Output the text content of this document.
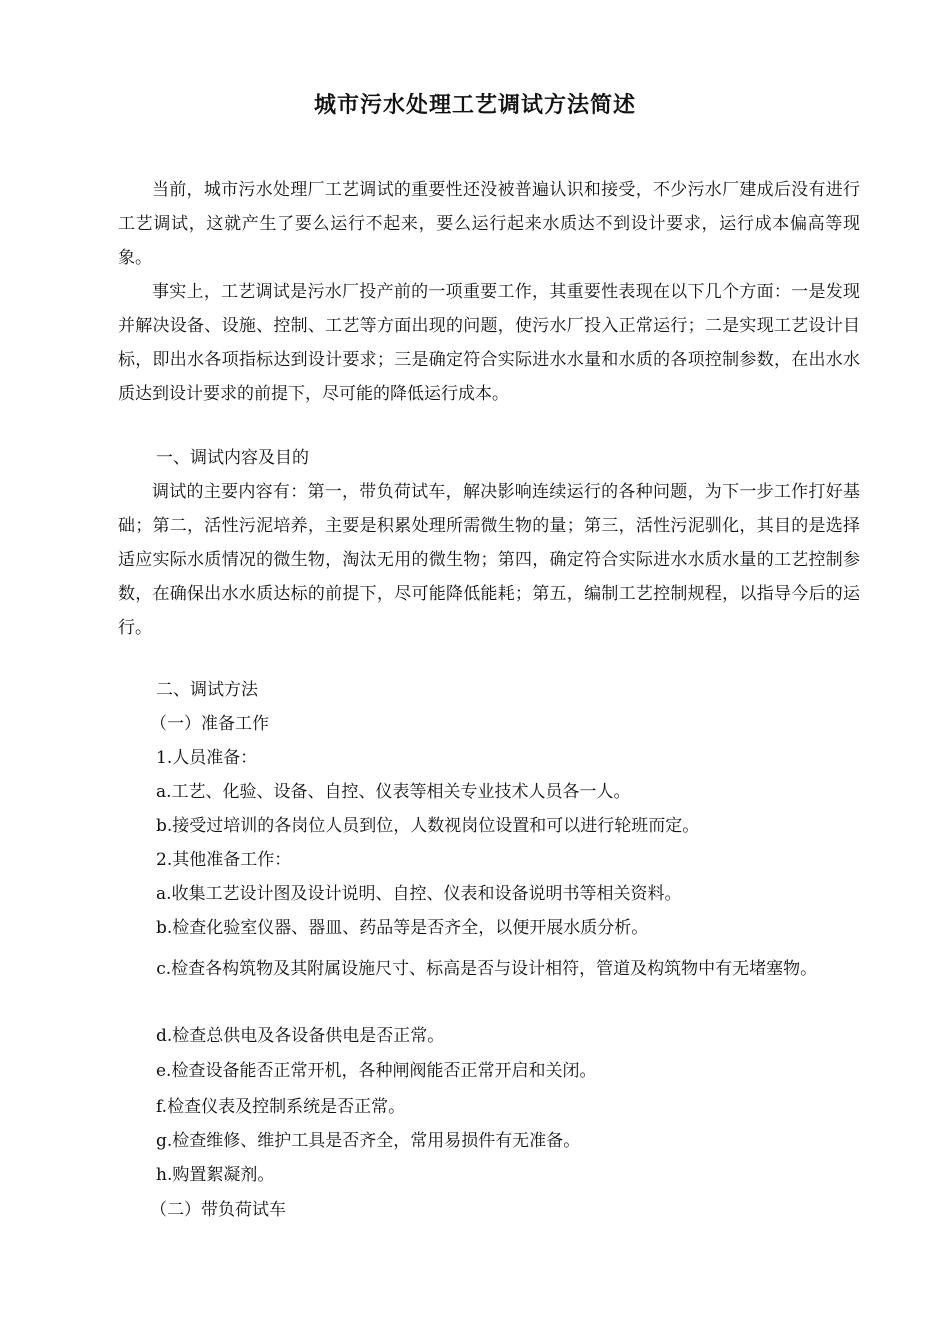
城市污水处理工艺调试方法简述

当前，城市污水处理厂工艺调试的重要性还没被普遍认识和接受，不少污水厂建成后没有进行工艺调试，这就产生了要么运行不起来，要么运行起来水质达不到设计要求，运行成本偏高等现象。

事实上，工艺调试是污水厂投产前的一项重要工作，其重要性表现在以下几个方面：一是发现并解决设备、设施、控制、工艺等方面出现的问题，使污水厂投入正常运行；二是实现工艺设计目标，即出水各项指标达到设计要求；三是确定符合实际进水水量和水质的各项控制参数，在出水水质达到设计要求的前提下，尽可能的降低运行成本。

一、调试内容及目的

调试的主要内容有：第一，带负荷试车，解决影响连续运行的各种问题，为下一步工作打好基础；第二，活性污泥培养，主要是积累处理所需微生物的量；第三，活性污泥驯化，其目的是选择适应实际水质情况的微生物，淘汰无用的微生物；第四，确定符合实际进水水质水量的工艺控制参数，在确保出水水质达标的前提下，尽可能降低能耗；第五，编制工艺控制规程，以指导今后的运行。

二、调试方法

（一）准备工作

1.人员准备：

a.工艺、化验、设备、自控、仪表等相关专业技术人员各一人。

b.接受过培训的各岗位人员到位，人数视岗位设置和可以进行轮班而定。

2.其他准备工作：

a.收集工艺设计图及设计说明、自控、仪表和设备说明书等相关资料。

b.检查化验室仪器、器皿、药品等是否齐全，以便开展水质分析。

c.检查各构筑物及其附属设施尺寸、标高是否与设计相符，管道及构筑物中有无堵塞物。

d.检查总供电及各设备供电是否正常。

e.检查设备能否正常开机，各种闸阀能否正常开启和关闭。

f.检查仪表及控制系统是否正常。

g.检查维修、维护工具是否齐全，常用易损件有无准备。

h.购置絮凝剂。

（二）带负荷试车
